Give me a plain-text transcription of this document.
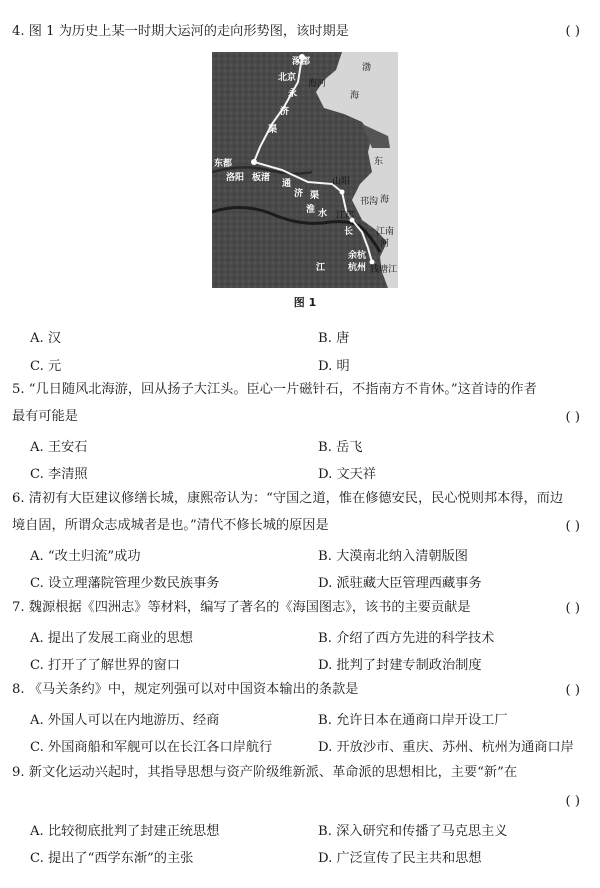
4. 图 1 为历史上某一时期大运河的走向形势图，该时期是	( )
涿郡
北京
海河
渤
海
永
济
渠
东
海
东都
洛阳 板渚
通
济 渠
山阳
邗沟
淮 水 江都
长
江
江南
河
余杭
杭州 钱塘江
图 1
A. 汉	B. 唐
C. 元	D. 明
5. “几日随风北海游，回从扬子大江头。臣心一片磁针石，不指南方不肯休。”这首诗的作者
最有可能是	( )
A. 王安石	B. 岳飞
C. 李清照	D. 文天祥
6. 清初有大臣建议修缮长城，康熙帝认为：“守国之道，惟在修德安民，民心悦则邦本得，而边
境自固，所谓众志成城者是也。”清代不修长城的原因是	( )
A. “改土归流”成功	B. 大漠南北纳入清朝版图
C. 设立理藩院管理少数民族事务	D. 派驻藏大臣管理西藏事务
7. 魏源根据《四洲志》等材料，编写了著名的《海国图志》，该书的主要贡献是	( )
A. 提出了发展工商业的思想	B. 介绍了西方先进的科学技术
C. 打开了了解世界的窗口	D. 批判了封建专制政治制度
8. 《马关条约》中，规定列强可以对中国资本输出的条款是	( )
A. 外国人可以在内地游历、经商	B. 允许日本在通商口岸开设工厂
C. 外国商船和军舰可以在长江各口岸航行	D. 开放沙市、重庆、苏州、杭州为通商口岸
9. 新文化运动兴起时，其指导思想与资产阶级维新派、革命派的思想相比，主要“新”在
( )
A. 比较彻底批判了封建正统思想	B. 深入研究和传播了马克思主义
C. 提出了“西学东渐”的主张	D. 广泛宣传了民主共和思想
